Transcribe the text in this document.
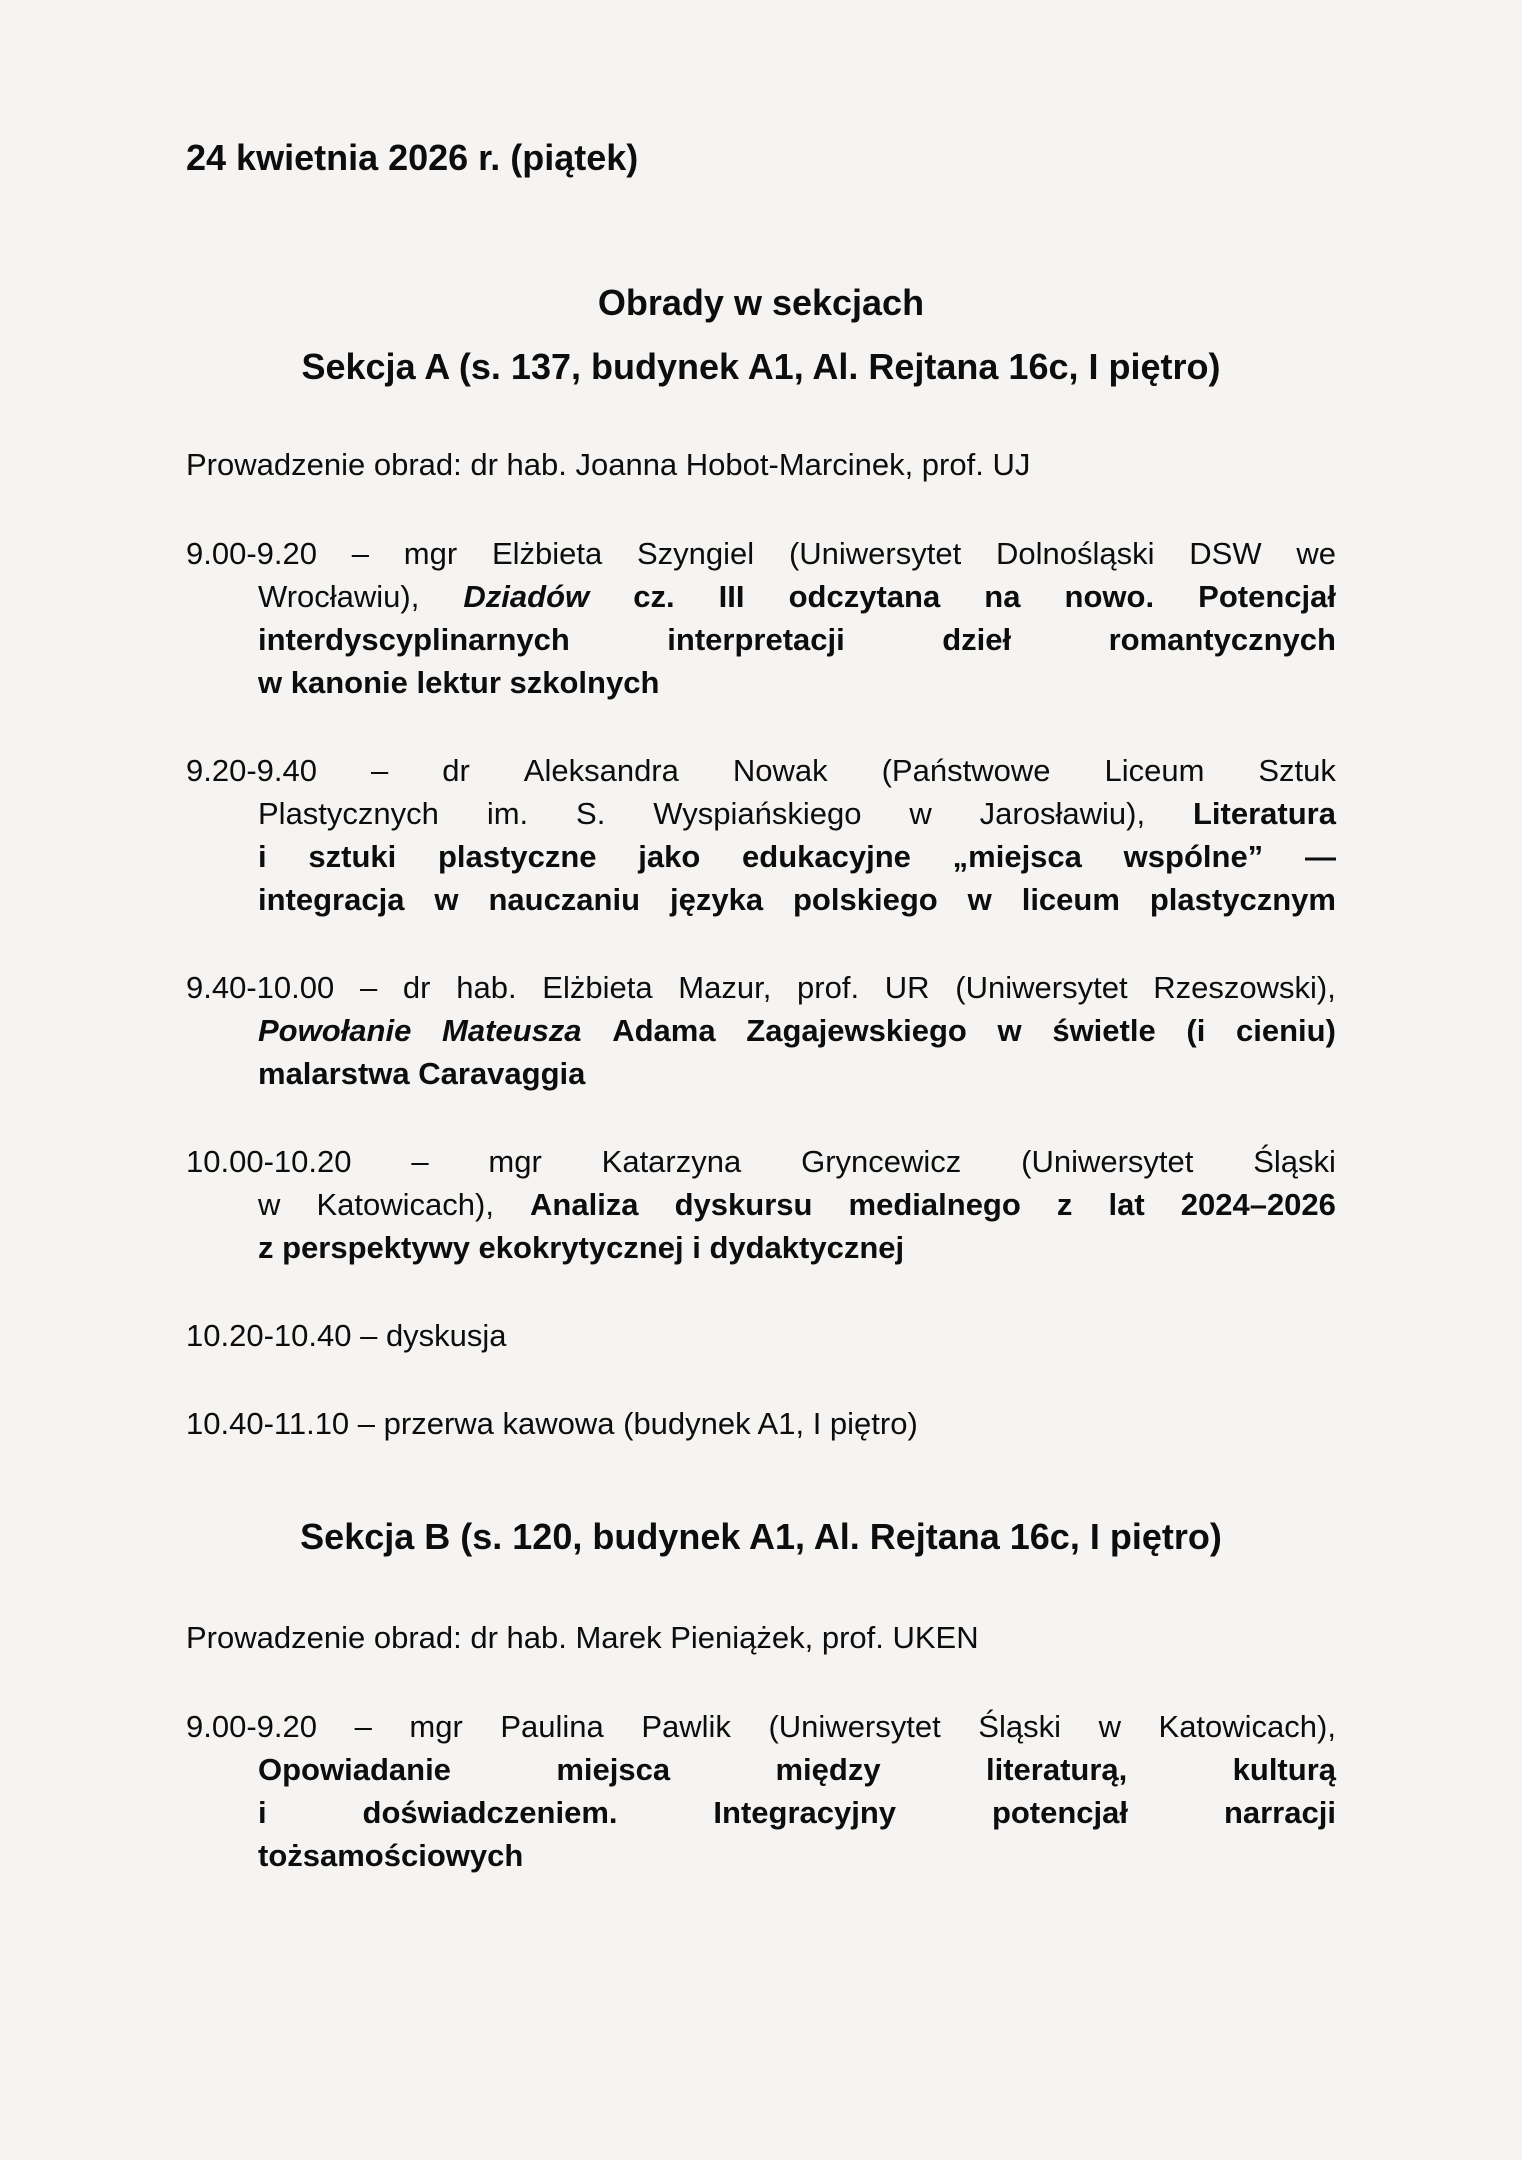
24 kwietnia 2026 r. (piątek)
Obrady w sekcjach
Sekcja A (s. 137, budynek A1, Al. Rejtana 16c, I piętro)
Prowadzenie obrad: dr hab. Joanna Hobot-Marcinek, prof. UJ
9.00-9.20 – mgr Elżbieta Szyngiel (Uniwersytet Dolnośląski DSW we
Wrocławiu), Dziadów cz. III odczytana na nowo. Potencjał
interdyscyplinarnych	interpretacji	dzieł	romantycznych
w kanonie lektur szkolnych
9.20-9.40 – dr Aleksandra Nowak (Państwowe Liceum Sztuk
Plastycznych im. S. Wyspiańskiego w Jarosławiu), Literatura
i sztuki plastyczne jako edukacyjne „miejsca wspólne” —
integracja w nauczaniu języka polskiego w liceum plastycznym
9.40-10.00 – dr hab. Elżbieta Mazur, prof. UR (Uniwersytet Rzeszowski),
Powołanie Mateusza Adama Zagajewskiego w świetle (i cieniu)
malarstwa Caravaggia
10.00-10.20 – mgr Katarzyna Gryncewicz (Uniwersytet Śląski
w Katowicach), Analiza dyskursu medialnego z lat 2024–2026
z perspektywy ekokrytycznej i dydaktycznej
10.20-10.40 – dyskusja
10.40-11.10 – przerwa kawowa (budynek A1, I piętro)
Sekcja B (s. 120, budynek A1, Al. Rejtana 16c, I piętro)
Prowadzenie obrad: dr hab. Marek Pieniążek, prof. UKEN
9.00-9.20 – mgr Paulina Pawlik (Uniwersytet Śląski w Katowicach),
Opowiadanie	miejsca	między	literaturą,	kulturą
i	doświadczeniem.	Integracyjny	potencjał	narracji
tożsamościowych
